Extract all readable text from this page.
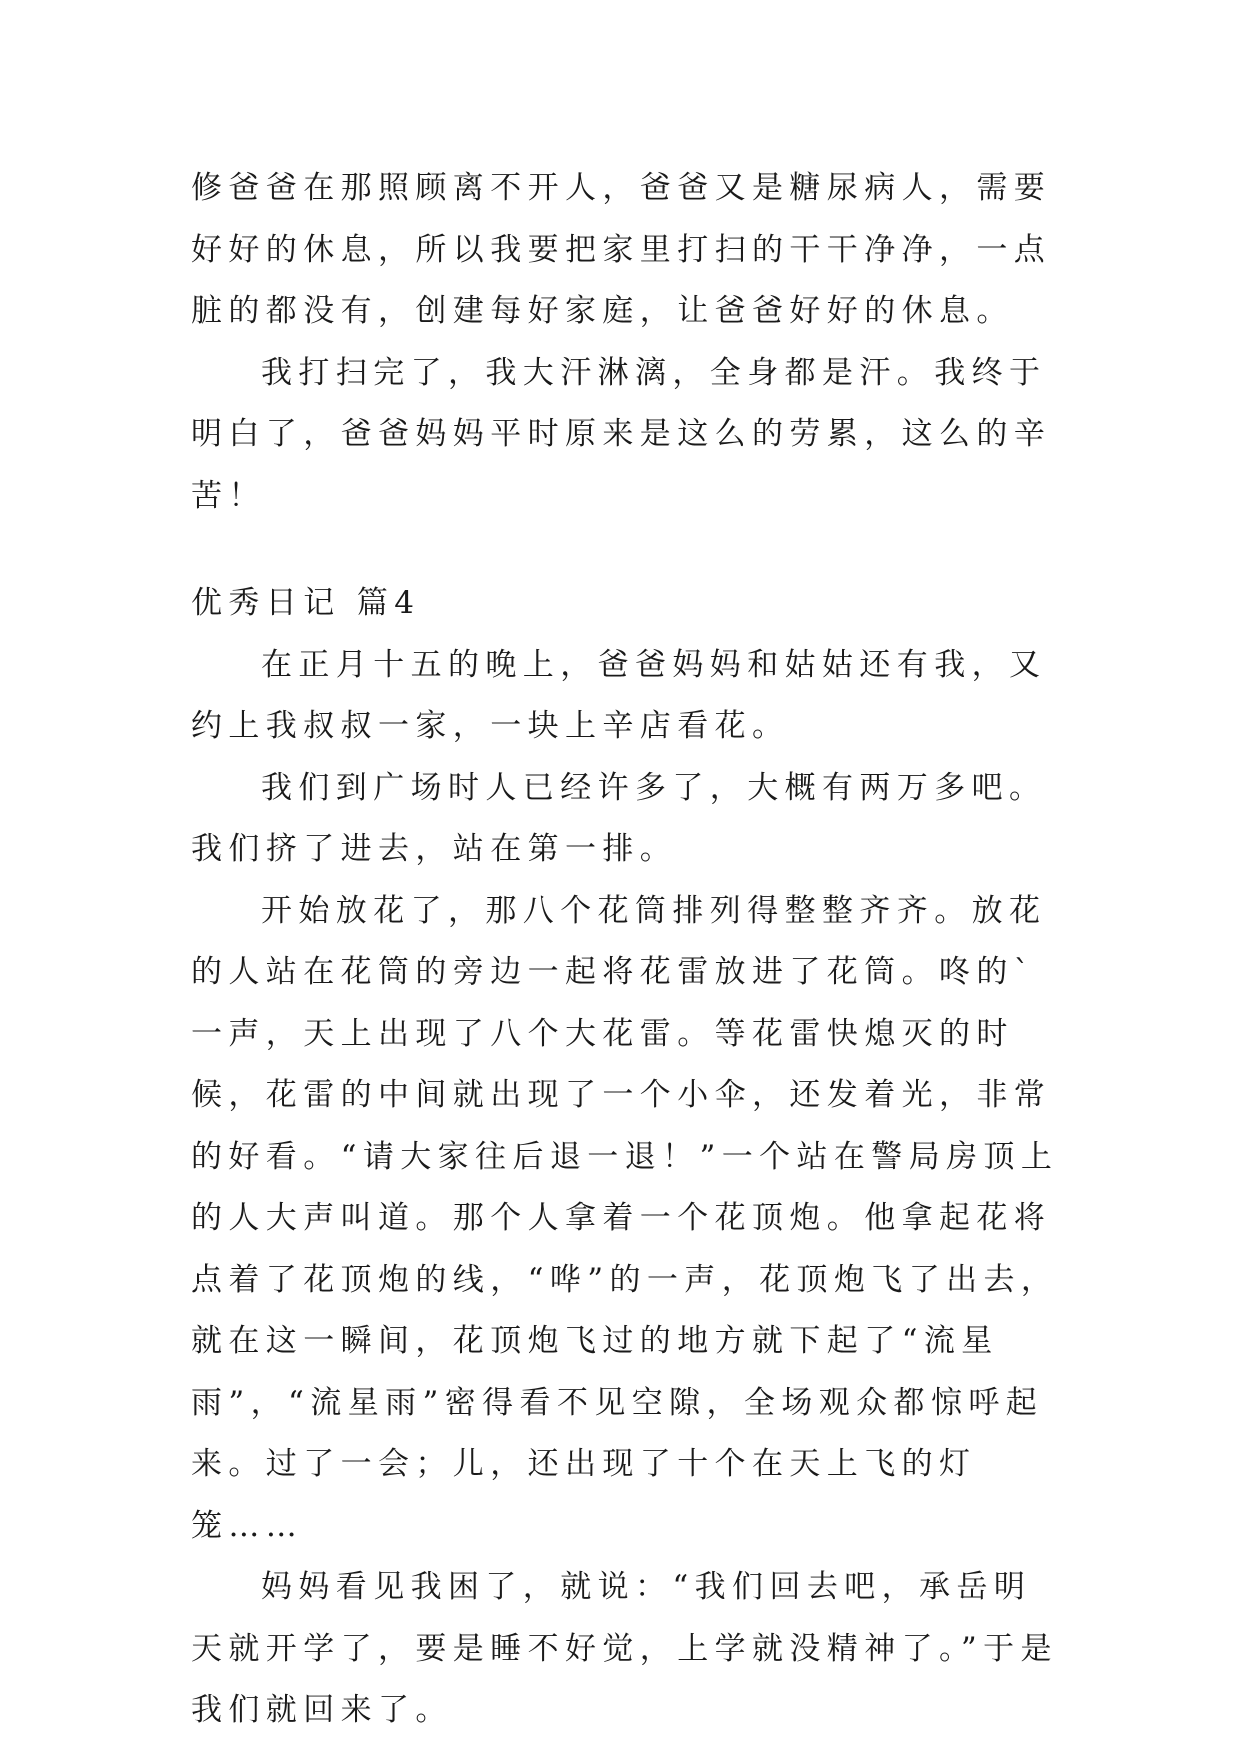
修爸爸在那照顾离不开人，爸爸又是糖尿病人，需要好好的休息，所以我要把家里打扫的干干净净，一点脏的都没有，创建每好家庭，让爸爸好好的休息。

我打扫完了，我大汗淋漓，全身都是汗。我终于明白了，爸爸妈妈平时原来是这么的劳累，这么的辛苦！

优秀日记 篇4

在正月十五的晚上，爸爸妈妈和姑姑还有我，又约上我叔叔一家，一块上辛店看花。

我们到广场时人已经许多了，大概有两万多吧。我们挤了进去，站在第一排。

开始放花了，那八个花筒排列得整整齐齐。放花的人站在花筒的旁边一起将花雷放进了花筒。咚的`一声，天上出现了八个大花雷。等花雷快熄灭的时候，花雷的中间就出现了一个小伞，还发着光，非常的好看。“请大家往后退一退！”一个站在警局房顶上的人大声叫道。那个人拿着一个花顶炮。他拿起花将点着了花顶炮的线，“哗”的一声，花顶炮飞了出去，就在这一瞬间，花顶炮飞过的地方就下起了“流星雨”，“流星雨”密得看不见空隙，全场观众都惊呼起来。过了一会；儿，还出现了十个在天上飞的灯笼……

妈妈看见我困了，就说：“我们回去吧，承岳明天就开学了，要是睡不好觉，上学就没精神了。”于是我们就回来了。
